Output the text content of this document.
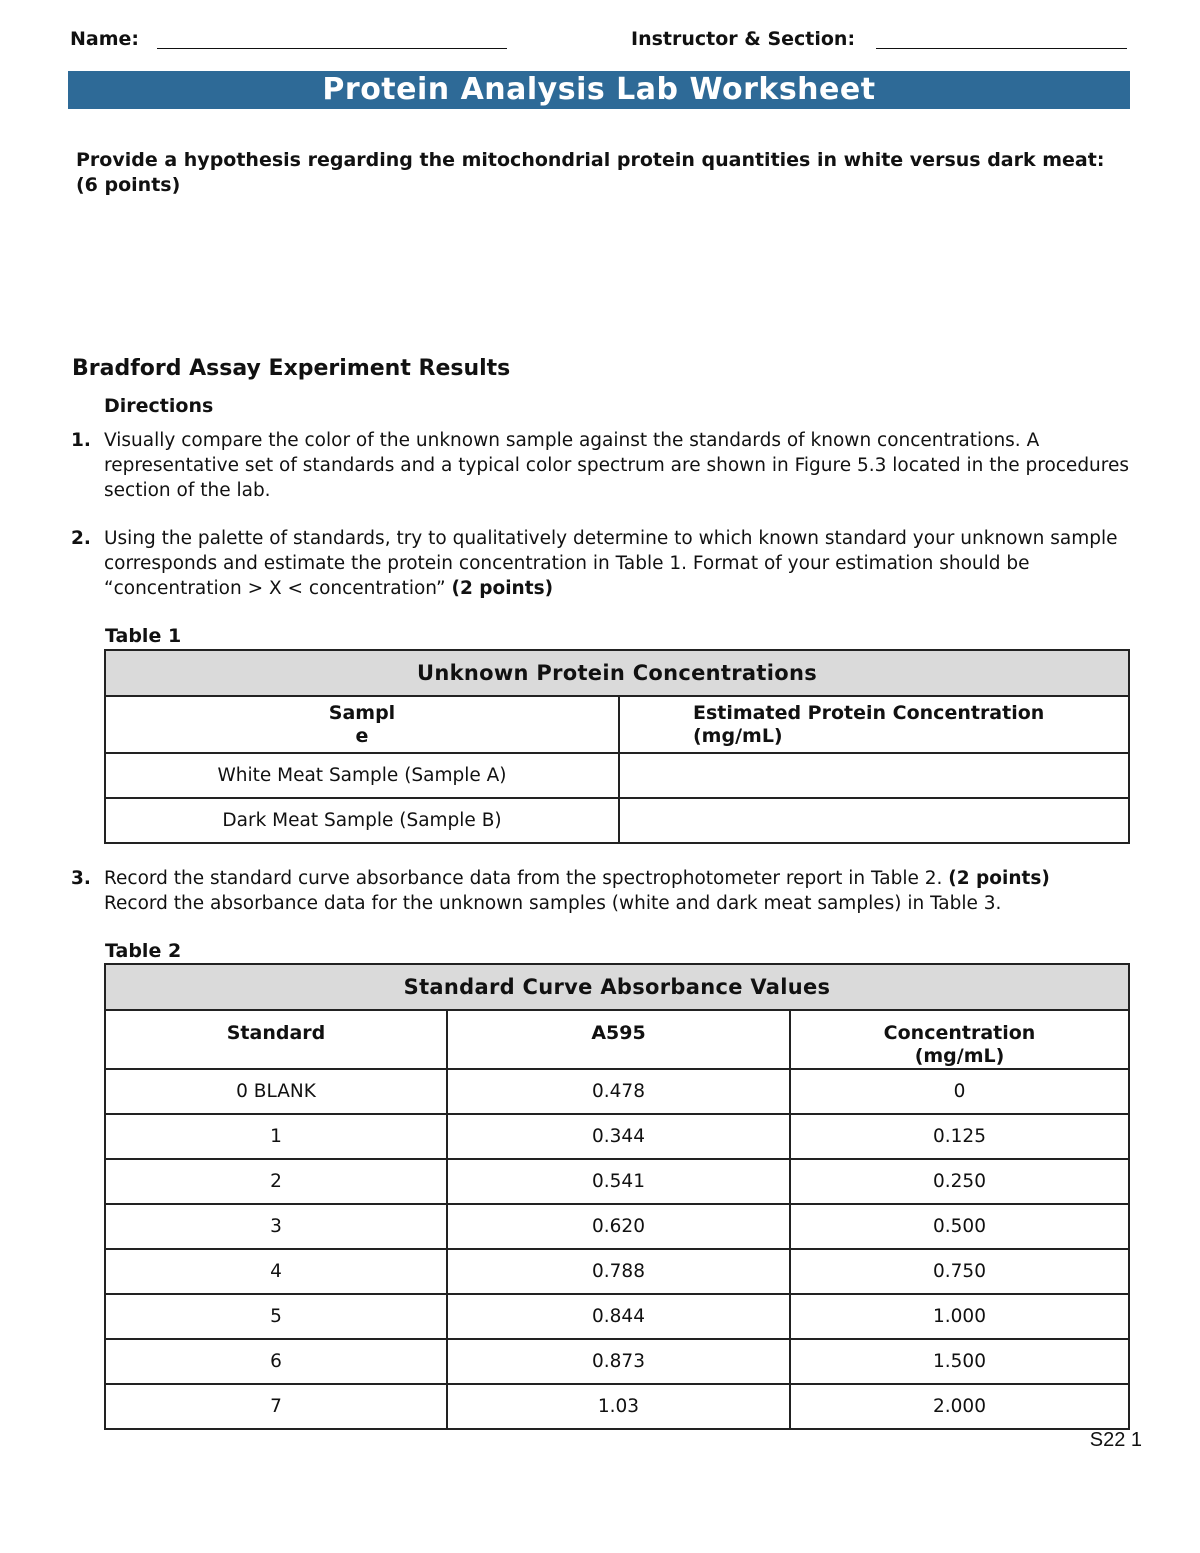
Name:	Instructor & Section:
Protein Analysis Lab Worksheet
Provide a hypothesis regarding the mitochondrial protein quantities in white versus dark meat:
(6 points)
Bradford Assay Experiment Results
Directions
1. Visually compare the color of the unknown sample against the standards of known concentrations. A representative set of standards and a typical color spectrum are shown in Figure 5.3 located in the procedures section of the lab.
2. Using the palette of standards, try to qualitatively determine to which known standard your unknown sample corresponds and estimate the protein concentration in Table 1. Format of your estimation should be
“concentration > X < concentration” (2 points)
Table 1
Unknown Protein Concentrations	
Sampl
e	Estimated Protein Concentration
(mg/mL)
White Meat Sample (Sample A)	
Dark Meat Sample (Sample B)	
3. Record the standard curve absorbance data from the spectrophotometer report in Table 2. (2 points)
Record the absorbance data for the unknown samples (white and dark meat samples) in Table 3.
Table 2
Standard Curve Absorbance Values		
Standard	A595	Concentration
(mg/mL)
0 BLANK	0.478	0
1	0.344	0.125
2	0.541	0.250
3	0.620	0.500
4	0.788	0.750
5	0.844	1.000
6	0.873	1.500
7	1.03	2.000
S22 1
